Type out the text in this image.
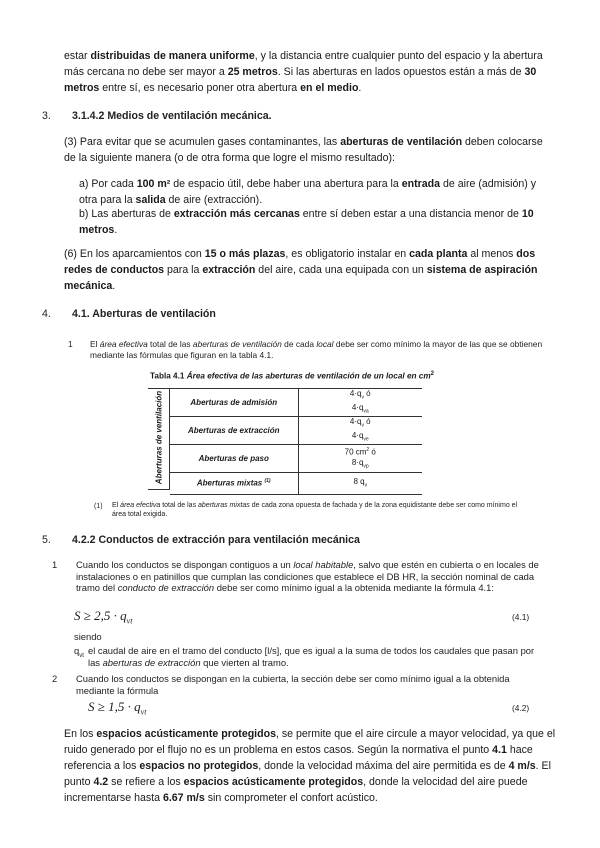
estar distribuidas de manera uniforme, y la distancia entre cualquier punto del espacio y la abertura más cercana no debe ser mayor a 25 metros. Si las aberturas en lados opuestos están a más de 30 metros entre sí, es necesario poner otra abertura en el medio.
3. 3.1.4.2 Medios de ventilación mecánica.
(3) Para evitar que se acumulen gases contaminantes, las aberturas de ventilación deben colocarse de la siguiente manera (o de otra forma que logre el mismo resultado):
a) Por cada 100 m² de espacio útil, debe haber una abertura para la entrada de aire (admisión) y otra para la salida de aire (extracción).
b) Las aberturas de extracción más cercanas entre sí deben estar a una distancia menor de 10 metros.
(6) En los aparcamientos con 15 o más plazas, es obligatorio instalar en cada planta al menos dos redes de conductos para la extracción del aire, cada una equipada con un sistema de aspiración mecánica.
4. 4.1. Aberturas de ventilación
1 El área efectiva total de las aberturas de ventilación de cada local debe ser como mínimo la mayor de las que se obtienen mediante las fórmulas que figuran en la tabla 4.1.
Tabla 4.1 Área efectiva de las aberturas de ventilación de un local en $cm^2$
Aberturas de ventilación	Aberturas de admisión	$4\cdot q_v$ ó
$4\cdot q_{va}$
Aberturas de extracción	$4\cdot q_v$ ó
$4\cdot q_{ve}$
Aberturas de paso	70 $cm^2$ ó
$8\cdot q_{vp}$
Aberturas mixtas $^{(1)}$	8 $q_v$
(1) El área efectiva total de las aberturas mixtas de cada zona opuesta de fachada y de la zona equidistante debe ser como mínimo el área total exigida.
5. 4.2.2 Conductos de extracción para ventilación mecánica
1 Cuando los conductos se dispongan contiguos a un local habitable, salvo que estén en cubierta o en locales de instalaciones o en patinillos que cumplan las condiciones que establece el DB HR, la sección nominal de cada tramo del conducto de extracción debe ser como mínimo igual a la obtenida mediante la fórmula 4.1:
$S \ge 2,5 \cdot q_{vt}$	(4.1)
siendo
$q_{vt}$ el caudal de aire en el tramo del conducto [l/s], que es igual a la suma de todos los caudales que pasan por las aberturas de extracción que vierten al tramo.
2 Cuando los conductos se dispongan en la cubierta, la sección debe ser como mínimo igual a la obtenida mediante la fórmula
$S \ge 1,5 \cdot q_{vt}$	(4.2)
En los espacios acústicamente protegidos, se permite que el aire circule a mayor velocidad, ya que el ruido generado por el flujo no es un problema en estos casos. Según la normativa el punto 4.1 hace referencia a los espacios no protegidos, donde la velocidad máxima del aire permitida es de 4 m/s. El punto 4.2 se refiere a los espacios acústicamente protegidos, donde la velocidad del aire puede incrementarse hasta 6.67 m/s sin comprometer el confort acústico.
